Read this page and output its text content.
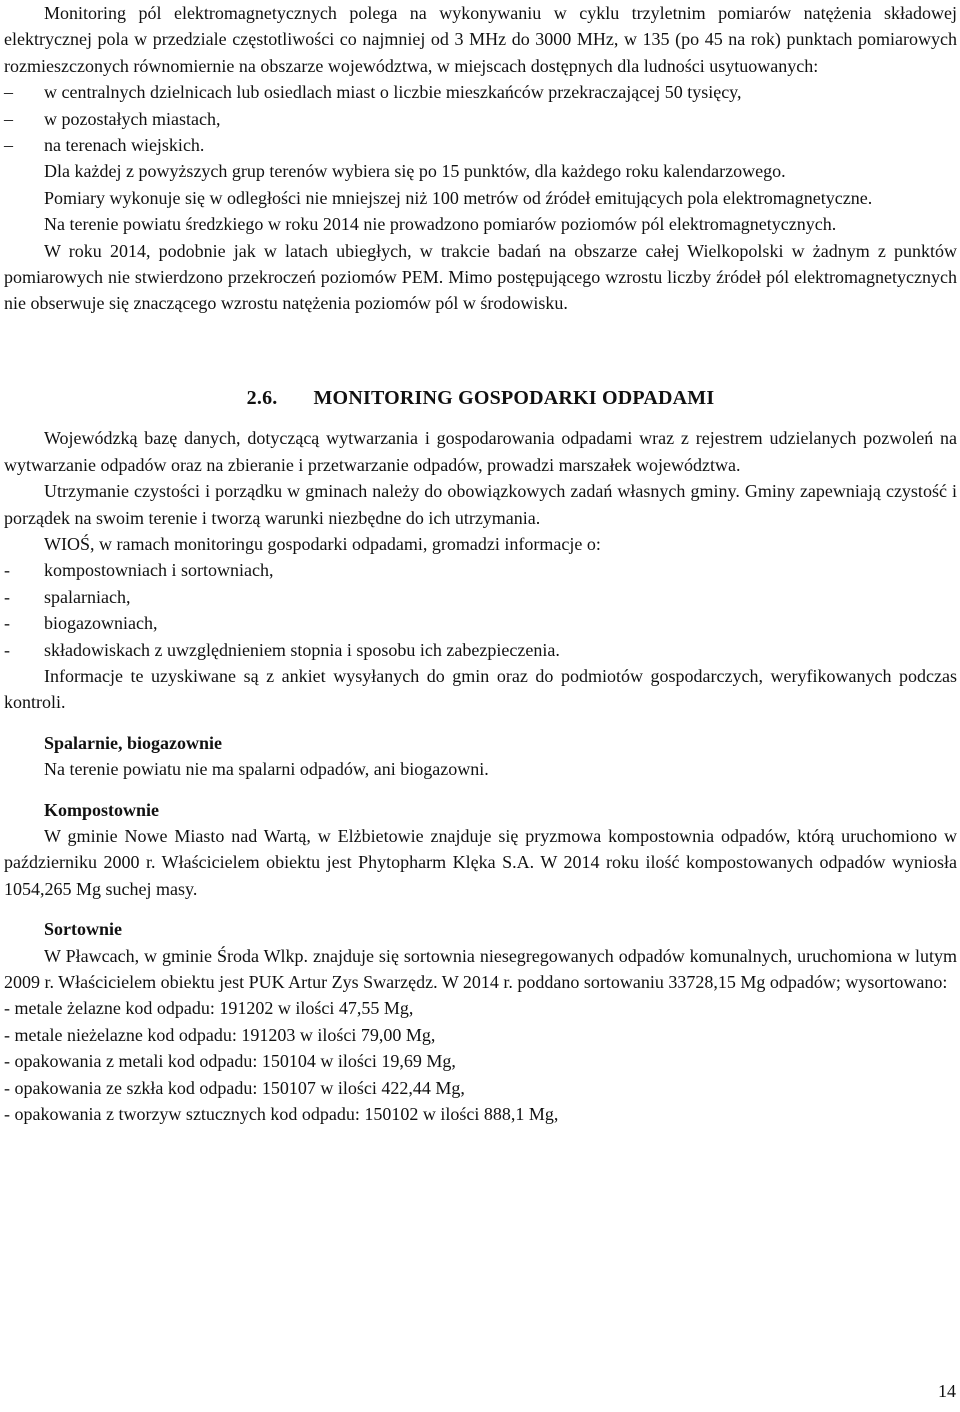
Monitoring pól elektromagnetycznych polega na wykonywaniu w cyklu trzyletnim pomiarów natężenia składowej elektrycznej pola w przedziale częstotliwości co najmniej od 3 MHz do 3000 MHz, w 135 (po 45 na rok) punktach pomiarowych rozmieszczonych równomiernie na obszarze województwa, w miejscach dostępnych dla ludności usytuowanych:

– w centralnych dzielnicach lub osiedlach miast o liczbie mieszkańców przekraczającej 50 tysięcy,
– w pozostałych miastach,
– na terenach wiejskich.

Dla każdej z powyższych grup terenów wybiera się po 15 punktów, dla każdego roku kalendarzowego.

Pomiary wykonuje się w odległości nie mniejszej niż 100 metrów od źródeł emitujących pola elektromagnetyczne.

Na terenie powiatu średzkiego w roku 2014 nie prowadzono pomiarów poziomów pól elektromagnetycznych.

W roku 2014, podobnie jak w latach ubiegłych, w trakcie badań na obszarze całej Wielkopolski w żadnym z punktów pomiarowych nie stwierdzono przekroczeń poziomów PEM. Mimo postępującego wzrostu liczby źródeł pól elektromagnetycznych nie obserwuje się znaczącego wzrostu natężenia poziomów pól w środowisku.

2.6. MONITORING GOSPODARKI ODPADAMI

Wojewódzką bazę danych, dotyczącą wytwarzania i gospodarowania odpadami wraz z rejestrem udzielanych pozwoleń na wytwarzanie odpadów oraz na zbieranie i przetwarzanie odpadów, prowadzi marszałek województwa.

Utrzymanie czystości i porządku w gminach należy do obowiązkowych zadań własnych gminy. Gminy zapewniają czystość i porządek na swoim terenie i tworzą warunki niezbędne do ich utrzymania.

WIOŚ, w ramach monitoringu gospodarki odpadami, gromadzi informacje o:

- kompostowniach i sortowniach,
- spalarniach,
- biogazowniach,
- składowiskach z uwzględnieniem stopnia i sposobu ich zabezpieczenia.

Informacje te uzyskiwane są z ankiet wysyłanych do gmin oraz do podmiotów gospodarczych, weryfikowanych podczas kontroli.

Spalarnie, biogazownie

Na terenie powiatu nie ma spalarni odpadów, ani biogazowni.

Kompostownie

W gminie Nowe Miasto nad Wartą, w Elżbietowie znajduje się pryzmowa kompostownia odpadów, którą uruchomiono w październiku 2000 r. Właścicielem obiektu jest Phytopharm Klęka S.A. W 2014 roku ilość kompostowanych odpadów wyniosła 1054,265 Mg suchej masy.

Sortownie

W Pławcach, w gminie Środa Wlkp. znajduje się sortownia niesegregowanych odpadów komunalnych, uruchomiona w lutym 2009 r. Właścicielem obiektu jest PUK Artur Zys Swarzędz. W 2014 r. poddano sortowaniu 33728,15 Mg odpadów; wysortowano:

- metale żelazne kod odpadu: 191202 w ilości 47,55 Mg,
- metale nieżelazne kod odpadu: 191203 w ilości 79,00 Mg,
- opakowania z metali kod odpadu: 150104 w ilości 19,69 Mg,
- opakowania ze szkła kod odpadu: 150107 w ilości 422,44 Mg,
- opakowania z tworzyw sztucznych kod odpadu: 150102 w ilości 888,1 Mg,
14
